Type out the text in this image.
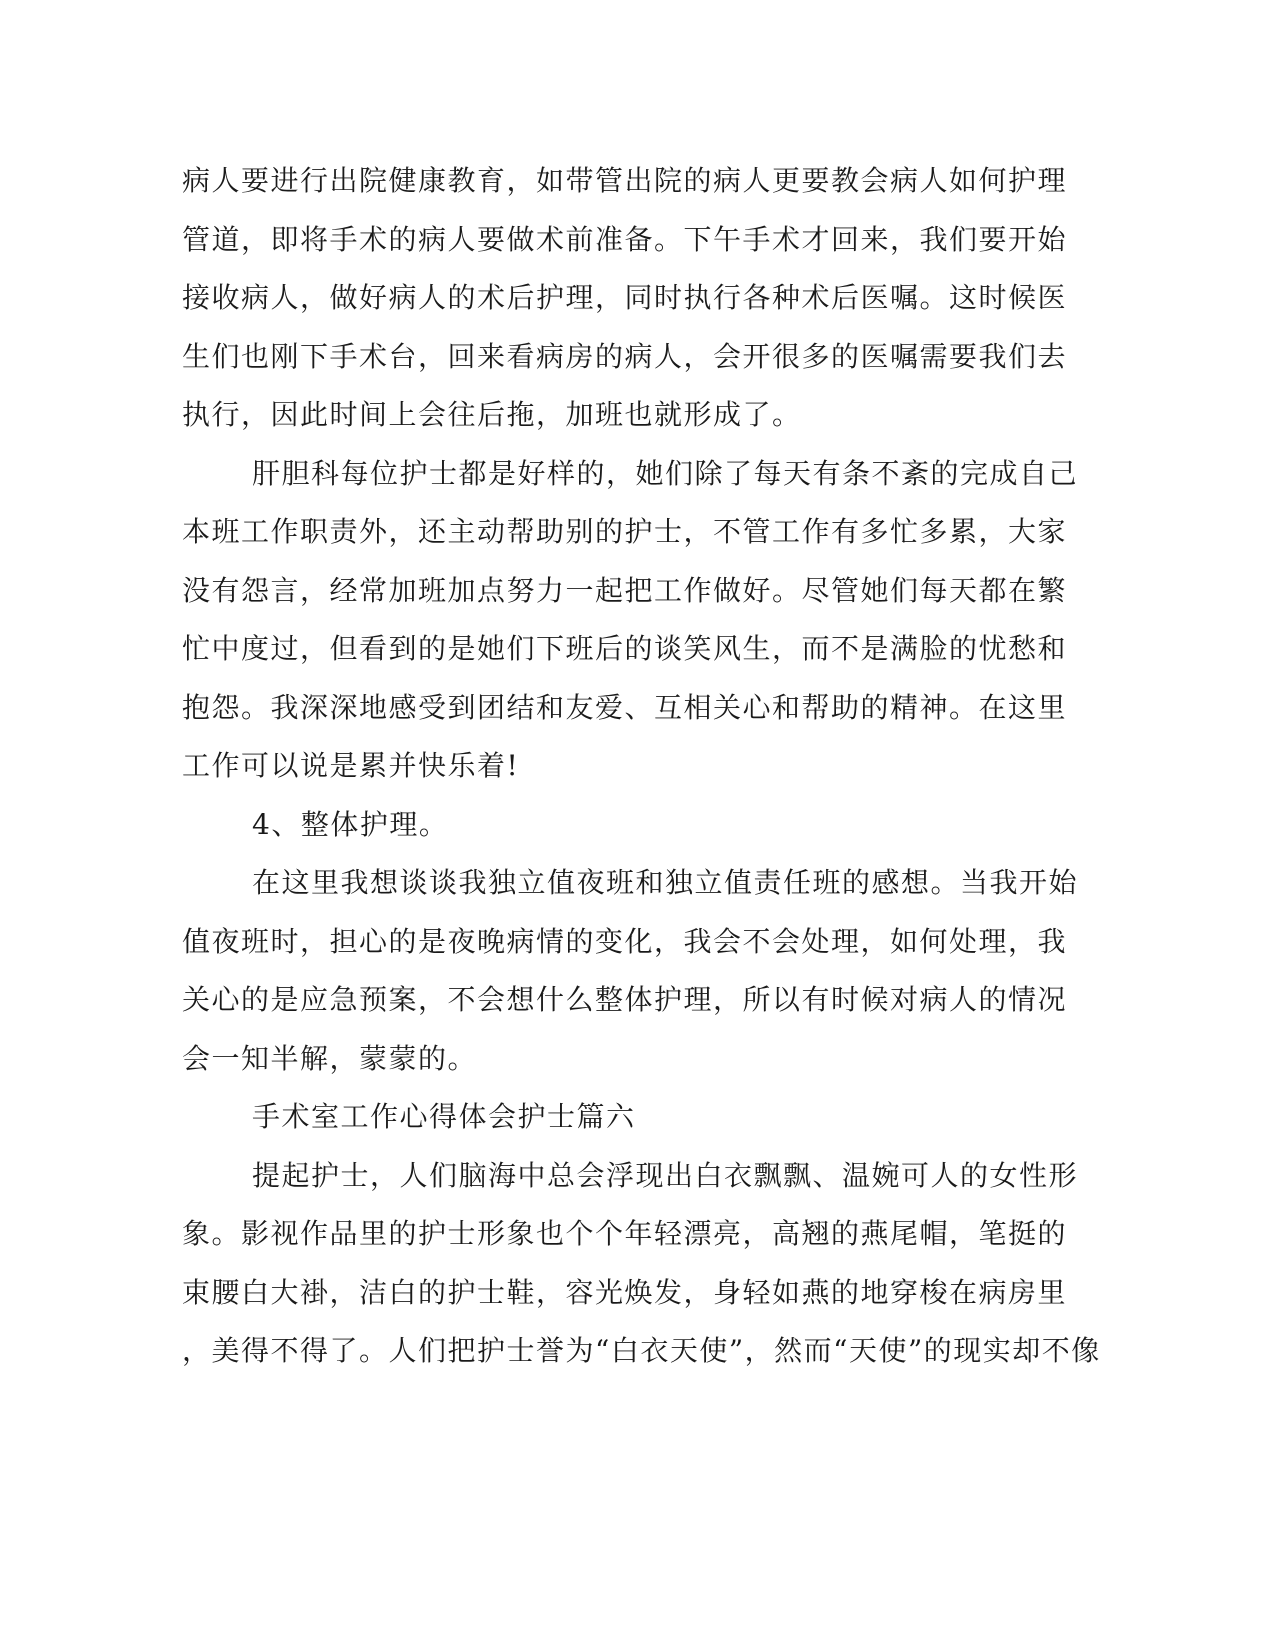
病人要进行出院健康教育，如带管出院的病人更要教会病人如何护理
管道，即将手术的病人要做术前准备。下午手术才回来，我们要开始
接收病人，做好病人的术后护理，同时执行各种术后医嘱。这时候医
生们也刚下手术台，回来看病房的病人，会开很多的医嘱需要我们去
执行，因此时间上会往后拖，加班也就形成了。
肝胆科每位护士都是好样的，她们除了每天有条不紊的完成自己
本班工作职责外，还主动帮助别的护士，不管工作有多忙多累，大家
没有怨言，经常加班加点努力一起把工作做好。尽管她们每天都在繁
忙中度过，但看到的是她们下班后的谈笑风生，而不是满脸的忧愁和
抱怨。我深深地感受到团结和友爱、互相关心和帮助的精神。在这里
工作可以说是累并快乐着!
4、整体护理。
在这里我想谈谈我独立值夜班和独立值责任班的感想。当我开始
值夜班时，担心的是夜晚病情的变化，我会不会处理，如何处理，我
关心的是应急预案，不会想什么整体护理，所以有时候对病人的情况
会一知半解，蒙蒙的。
手术室工作心得体会护士篇六
提起护士，人们脑海中总会浮现出白衣飘飘、温婉可人的女性形
象。影视作品里的护士形象也个个年轻漂亮，高翘的燕尾帽，笔挺的
束腰白大褂，洁白的护士鞋，容光焕发，身轻如燕的地穿梭在病房里
，美得不得了。人们把护士誉为“白衣天使”，然而“天使”的现实却不像
